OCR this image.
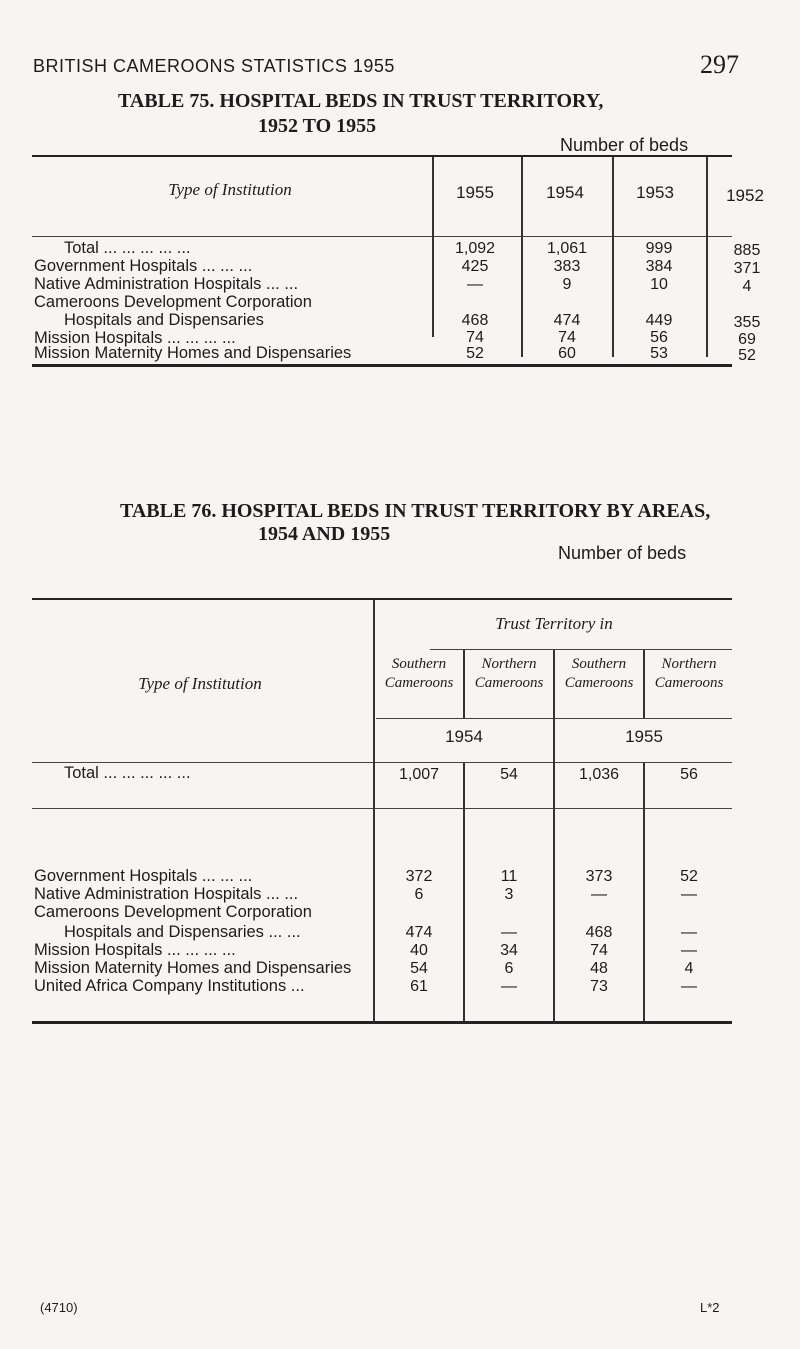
BRITISH CAMEROONS STATISTICS 1955	297
TABLE 75. HOSPITAL BEDS IN TRUST TERRITORY,
1952 TO 1955
Number of beds
Type of Institution	1955	1954	1953	1952
Total ... ... ... ... ...	1,092	1,061	999	885
Government Hospitals ... ... ...	425	383	384	371
Native Administration Hospitals ... ...	—	9	10	4
Cameroons Development Corporation
Hospitals and Dispensaries	468	474	449	355
Mission Hospitals ... ... ... ...	74	74	56	69
Mission Maternity Homes and Dispensaries	52	60	53	52
TABLE 76. HOSPITAL BEDS IN TRUST TERRITORY BY AREAS,
1954 AND 1955
Number of beds
Trust Territory in
Type of Institution
Southern
Cameroons
Northern
Cameroons
Southern
Cameroons
Northern
Cameroons
1954	1955
Total ... ... ... ... ...	1,007	54	1,036	56
Government Hospitals ... ... ...	372	11	373	52
Native Administration Hospitals ... ...	6	3	—	—
Cameroons Development Corporation
Hospitals and Dispensaries ... ...	474	—	468	—
Mission Hospitals ... ... ... ...	40	34	74	—
Mission Maternity Homes and Dispensaries	54	6	48	4
United Africa Company Institutions ...	61	—	73	—
(4710)	L*2
